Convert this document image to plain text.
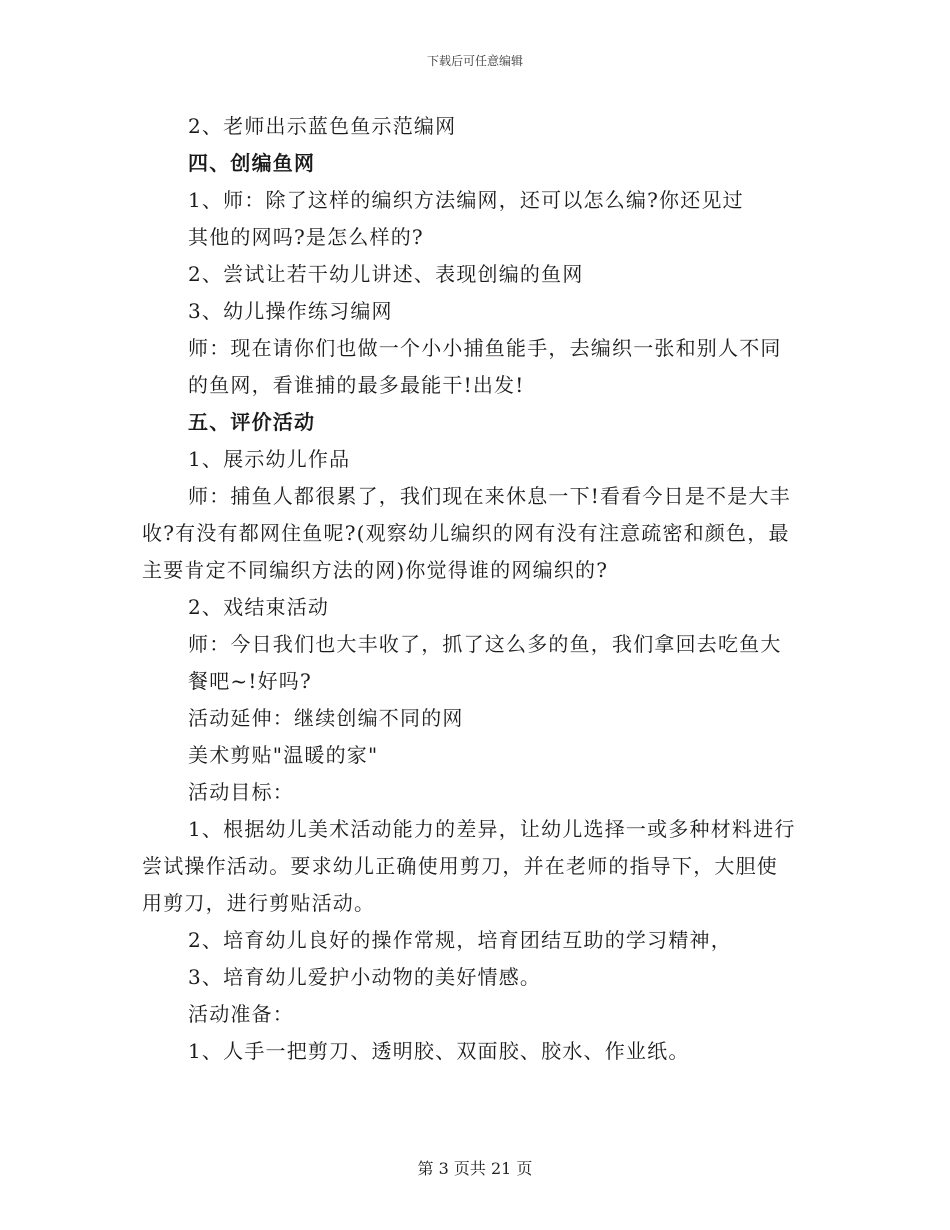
下载后可任意编辑
2、老师出示蓝色鱼示范编网
四、创编鱼网
1、师：除了这样的编织方法编网，还可以怎么编?你还见过
其他的网吗?是怎么样的?
2、尝试让若干幼儿讲述、表现创编的鱼网
3、幼儿操作练习编网
师：现在请你们也做一个小小捕鱼能手，去编织一张和别人不同
的鱼网，看谁捕的最多最能干!出发!
五、评价活动
1、展示幼儿作品
师：捕鱼人都很累了，我们现在来休息一下!看看今日是不是大丰
收?有没有都网住鱼呢?(观察幼儿编织的网有没有注意疏密和颜色，最
主要肯定不同编织方法的网)你觉得谁的网编织的?
2、戏结束活动
师：今日我们也大丰收了，抓了这么多的鱼，我们拿回去吃鱼大
餐吧~!好吗?
活动延伸：继续创编不同的网
美术剪贴"温暖的家"
活动目标：
1、根据幼儿美术活动能力的差异，让幼儿选择一或多种材料进行
尝试操作活动。要求幼儿正确使用剪刀，并在老师的指导下，大胆使
用剪刀，进行剪贴活动。
2、培育幼儿良好的操作常规，培育团结互助的学习精神，
3、培育幼儿爱护小动物的美好情感。
活动准备：
1、人手一把剪刀、透明胶、双面胶、胶水、作业纸。
第 3 页共 21 页
